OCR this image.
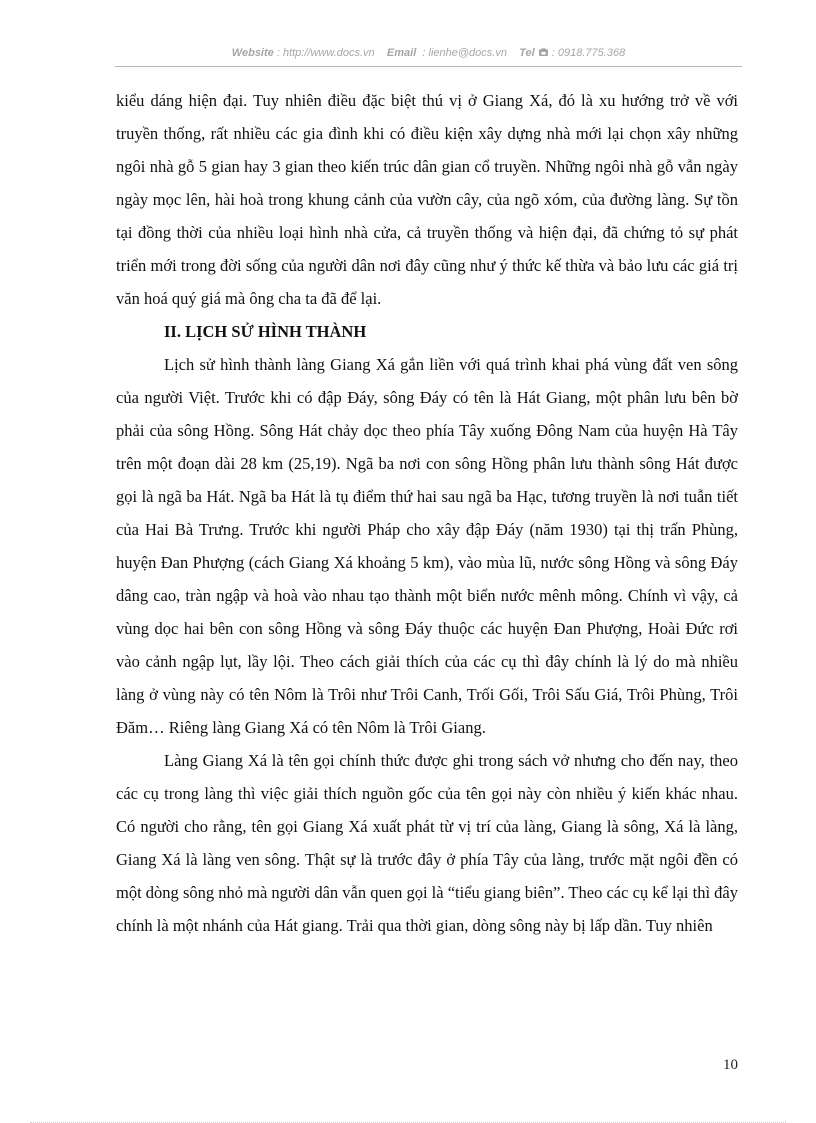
Website : http://www.docs.vn Email : lienhe@docs.vn Tel : 0918.775.368

kiểu dáng hiện đại. Tuy nhiên điều đặc biệt thú vị ở Giang Xá, đó là xu hướng trở về với truyền thống, rất nhiều các gia đình khi có điều kiện xây dựng nhà mới lại chọn xây những ngôi nhà gỗ 5 gian hay 3 gian theo kiến trúc dân gian cổ truyền. Những ngôi nhà gỗ vẫn ngày ngày mọc lên, hài hoà trong khung cảnh của vườn cây, của ngõ xóm, của đường làng. Sự tồn tại đồng thời của nhiều loại hình nhà cửa, cả truyền thống và hiện đại, đã chứng tỏ sự phát triển mới trong đời sống của người dân nơi đây cũng như ý thức kế thừa và bảo lưu các giá trị văn hoá quý giá mà ông cha ta đã để lại.

II. LỊCH SỬ HÌNH THÀNH

Lịch sử hình thành làng Giang Xá gắn liền với quá trình khai phá vùng đất ven sông của người Việt. Trước khi có đập Đáy, sông Đáy có tên là Hát Giang, một phân lưu bên bờ phải của sông Hồng. Sông Hát chảy dọc theo phía Tây xuống Đông Nam của huyện Hà Tây trên một đoạn dài 28 km (25,19). Ngã ba nơi con sông Hồng phân lưu thành sông Hát được gọi là ngã ba Hát. Ngã ba Hát là tụ điểm thứ hai sau ngã ba Hạc, tương truyền là nơi tuẫn tiết của Hai Bà Trưng. Trước khi người Pháp cho xây đập Đáy (năm 1930) tại thị trấn Phùng, huyện Đan Phượng (cách Giang Xá khoảng 5 km), vào mùa lũ, nước sông Hồng và sông Đáy dâng cao, tràn ngập và hoà vào nhau tạo thành một biển nước mênh mông. Chính vì vậy, cả vùng dọc hai bên con sông Hồng và sông Đáy thuộc các huyện Đan Phượng, Hoài Đức rơi vào cảnh ngập lụt, lầy lội. Theo cách giải thích của các cụ thì đây chính là lý do mà nhiều làng ở vùng này có tên Nôm là Trôi như Trôi Canh, Trối Gối, Trôi Sấu Giá, Trôi Phùng, Trôi Đăm… Riêng làng Giang Xá có tên Nôm là Trôi Giang.

Làng Giang Xá là tên gọi chính thức được ghi trong sách vở nhưng cho đến nay, theo các cụ trong làng thì việc giải thích nguồn gốc của tên gọi này còn nhiều ý kiến khác nhau. Có người cho rằng, tên gọi Giang Xá xuất phát từ vị trí của làng, Giang là sông, Xá là làng, Giang Xá là làng ven sông. Thật sự là trước đây ở phía Tây của làng, trước mặt ngôi đền có một dòng sông nhỏ mà người dân vẫn quen gọi là “tiểu giang biên”. Theo các cụ kể lại thì đây chính là một nhánh của Hát giang. Trải qua thời gian, dòng sông này bị lấp dần. Tuy nhiên

10
